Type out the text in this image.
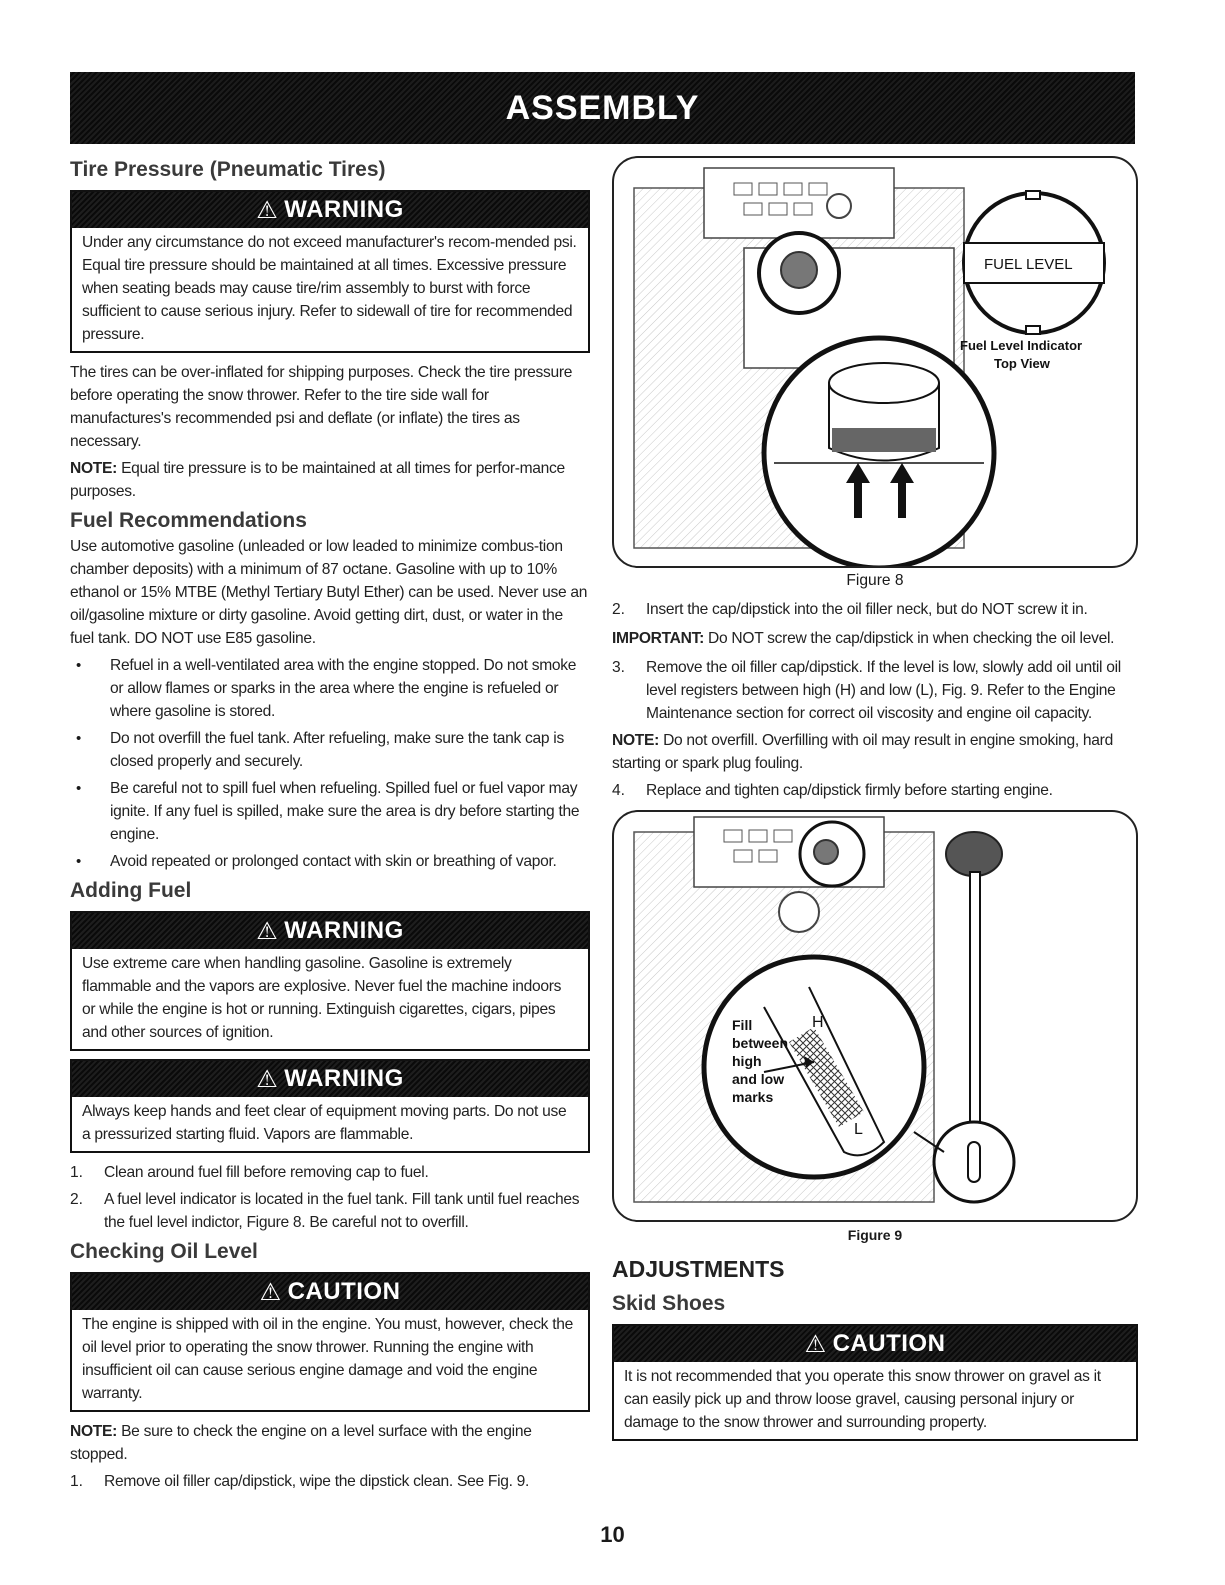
ASSEMBLY
Tire Pressure (Pneumatic Tires)
⚠ WARNING

Under any circumstance do not exceed manufacturer's recom-mended psi. Equal tire pressure should be maintained at all times. Excessive pressure when seating beads may cause tire/rim assembly to burst with force sufficient to cause serious injury. Refer to sidewall of tire for recommended pressure.

The tires can be over-inflated for shipping purposes. Check the tire pressure before operating the snow thrower. Refer to the tire side wall for manufactures's recommended psi and deflate (or inflate) the tires as necessary.

NOTE: Equal tire pressure is to be maintained at all times for perfor-mance purposes.

Fuel Recommendations

Use automotive gasoline (unleaded or low leaded to minimize combus-tion chamber deposits) with a minimum of 87 octane. Gasoline with up to 10% ethanol or 15% MTBE (Methyl Tertiary Butyl Ether) can be used. Never use an oil/gasoline mixture or dirty gasoline. Avoid getting dirt, dust, or water in the fuel tank. DO NOT use E85 gasoline.

•	Refuel in a well-ventilated area with the engine stopped. Do not smoke or allow flames or sparks in the area where the engine is refueled or where gasoline is stored.

•	Do not overfill the fuel tank. After refueling, make sure the tank cap is closed properly and securely.

•	Be careful not to spill fuel when refueling. Spilled fuel or fuel vapor may ignite. If any fuel is spilled, make sure the area is dry before starting the engine.

•	Avoid repeated or prolonged contact with skin or breathing of vapor.

Adding Fuel
⚠ WARNING

Use extreme care when handling gasoline. Gasoline is extremely flammable and the vapors are explosive. Never fuel the machine indoors or while the engine is hot or running. Extinguish cigarettes, cigars, pipes and other sources of ignition.

⚠ WARNING

Always keep hands and feet clear of equipment moving parts. Do not use a pressurized starting fluid. Vapors are flammable.

1.	Clean around fuel fill before removing cap to fuel.

2.	A fuel level indicator is located in the fuel tank. Fill tank until fuel reaches the fuel level indictor, Figure 8. Be careful not to overfill.

Checking Oil Level
⚠ CAUTION

The engine is shipped with oil in the engine. You must, however, check the oil level prior to operating the snow thrower. Running the engine with insufficient oil can cause serious engine damage and void the engine warranty.

NOTE: Be sure to check the engine on a level surface with the engine stopped.

1.	Remove oil filler cap/dipstick, wipe the dipstick clean. See Fig. 9.

FUEL LEVEL
Fuel Level Indicator
Top View
Figure 8
2.	Insert the cap/dipstick into the oil filler neck, but do NOT screw it in.

IMPORTANT: Do NOT screw the cap/dipstick in when checking the oil level.

3.	Remove the oil filler cap/dipstick. If the level is low, slowly add oil until oil level registers between high (H) and low (L), Fig. 9. Refer to the Engine Maintenance section for correct oil viscosity and engine oil capacity.

NOTE: Do not overfill. Overfilling with oil may result in engine smoking, hard starting or spark plug fouling.

4.	Replace and tighten cap/dipstick firmly before starting engine.

H
L
Fill
between
high
and low
marks
Figure 9
ADJUSTMENTS
Skid Shoes
⚠ CAUTION

It is not recommended that you operate this snow thrower on gravel as it can easily pick up and throw loose gravel, causing personal injury or damage to the snow thrower and surrounding property.

10
